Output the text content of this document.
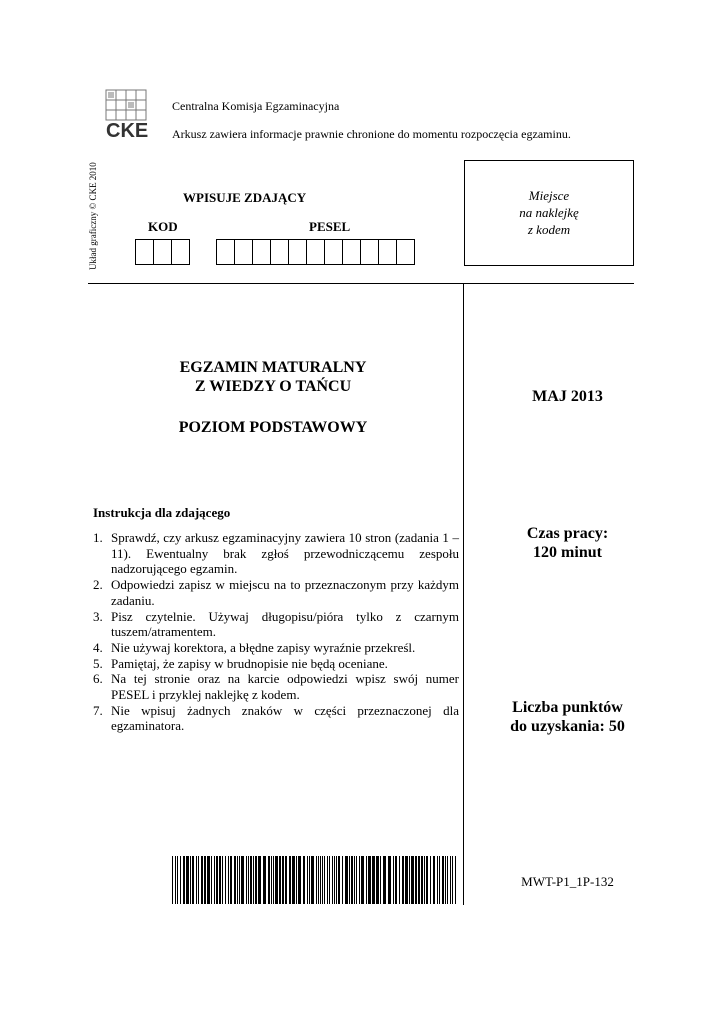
CKE
Centralna Komisja Egzaminacyjna
Arkusz zawiera informacje prawnie chronione do momentu rozpoczęcia egzaminu.
Układ graficzny © CKE 2010	WPISUJE ZDAJĄCY
KOD	PESEL
Miejsce
na naklejkę
z kodem
EGZAMIN MATURALNY
Z WIEDZY O TAŃCU
POZIOM PODSTAWOWY
MAJ 2013
Czas pracy:
120 minut
Liczba punktów
do uzyskania: 50
Instrukcja dla zdającego
1. Sprawdź, czy arkusz egzaminacyjny zawiera 10 stron (zadania 1 – 11). Ewentualny brak zgłoś przewodniczącemu zespołu nadzorującego egzamin.
2. Odpowiedzi zapisz w miejscu na to przeznaczonym przy każdym zadaniu.
3. Pisz czytelnie. Używaj długopisu/pióra tylko z czarnym tuszem/atramentem.
4. Nie używaj korektora, a błędne zapisy wyraźnie przekreśl.
5. Pamiętaj, że zapisy w brudnopisie nie będą oceniane.
6. Na tej stronie oraz na karcie odpowiedzi wpisz swój numer PESEL i przyklej naklejkę z kodem.
7. Nie wpisuj żadnych znaków w części przeznaczonej dla egzaminatora.
MWT-P1_1P-132
